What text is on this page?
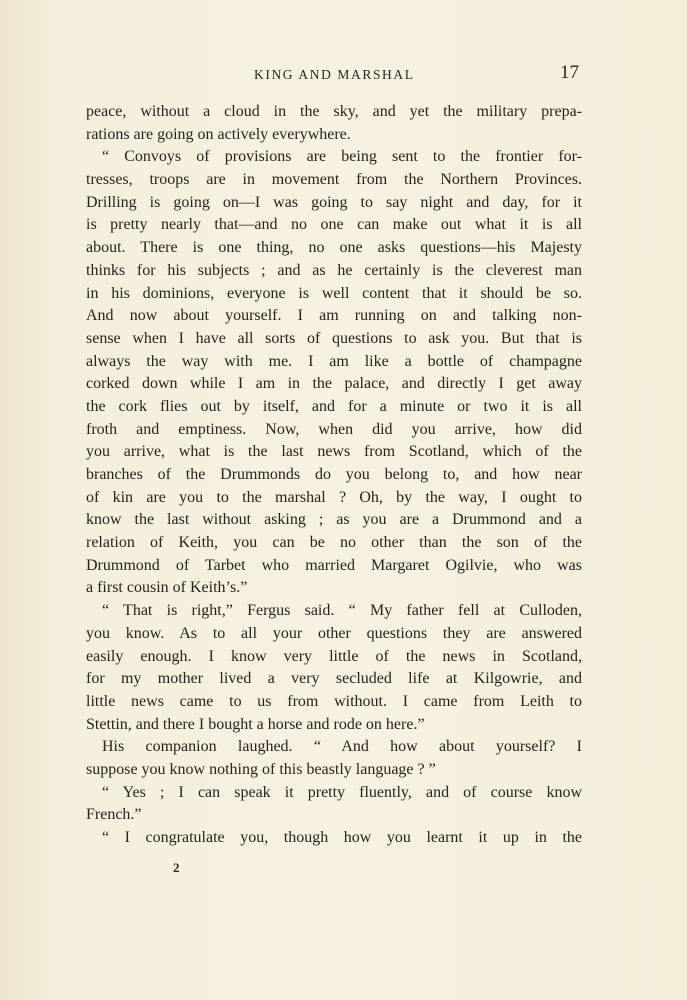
KING AND MARSHAL	17
peace, without a cloud in the sky, and yet the military prepa-
rations are going on actively everywhere.
“ Convoys of provisions are being sent to the frontier for-
tresses, troops are in movement from the Northern Provinces.
Drilling is going on—I was going to say night and day, for it
is pretty nearly that—and no one can make out what it is all
about. There is one thing, no one asks questions—his Majesty
thinks for his subjects ; and as he certainly is the cleverest man
in his dominions, everyone is well content that it should be so.
And now about yourself. I am running on and talking non-
sense when I have all sorts of questions to ask you. But that is
always the way with me. I am like a bottle of champagne
corked down while I am in the palace, and directly I get away
the cork flies out by itself, and for a minute or two it is all
froth and emptiness. Now, when did you arrive, how did
you arrive, what is the last news from Scotland, which of the
branches of the Drummonds do you belong to, and how near
of kin are you to the marshal ? Oh, by the way, I ought to
know the last without asking ; as you are a Drummond and a
relation of Keith, you can be no other than the son of the
Drummond of Tarbet who married Margaret Ogilvie, who was
a first cousin of Keith’s.”
“ That is right,” Fergus said. “ My father fell at Culloden,
you know. As to all your other questions they are answered
easily enough. I know very little of the news in Scotland,
for my mother lived a very secluded life at Kilgowrie, and
little news came to us from without. I came from Leith to
Stettin, and there I bought a horse and rode on here.”
His companion laughed. “ And how about yourself? I
suppose you know nothing of this beastly language ? ”
“ Yes ; I can speak it pretty fluently, and of course know
French.”
“ I congratulate you, though how you learnt it up in the
2
